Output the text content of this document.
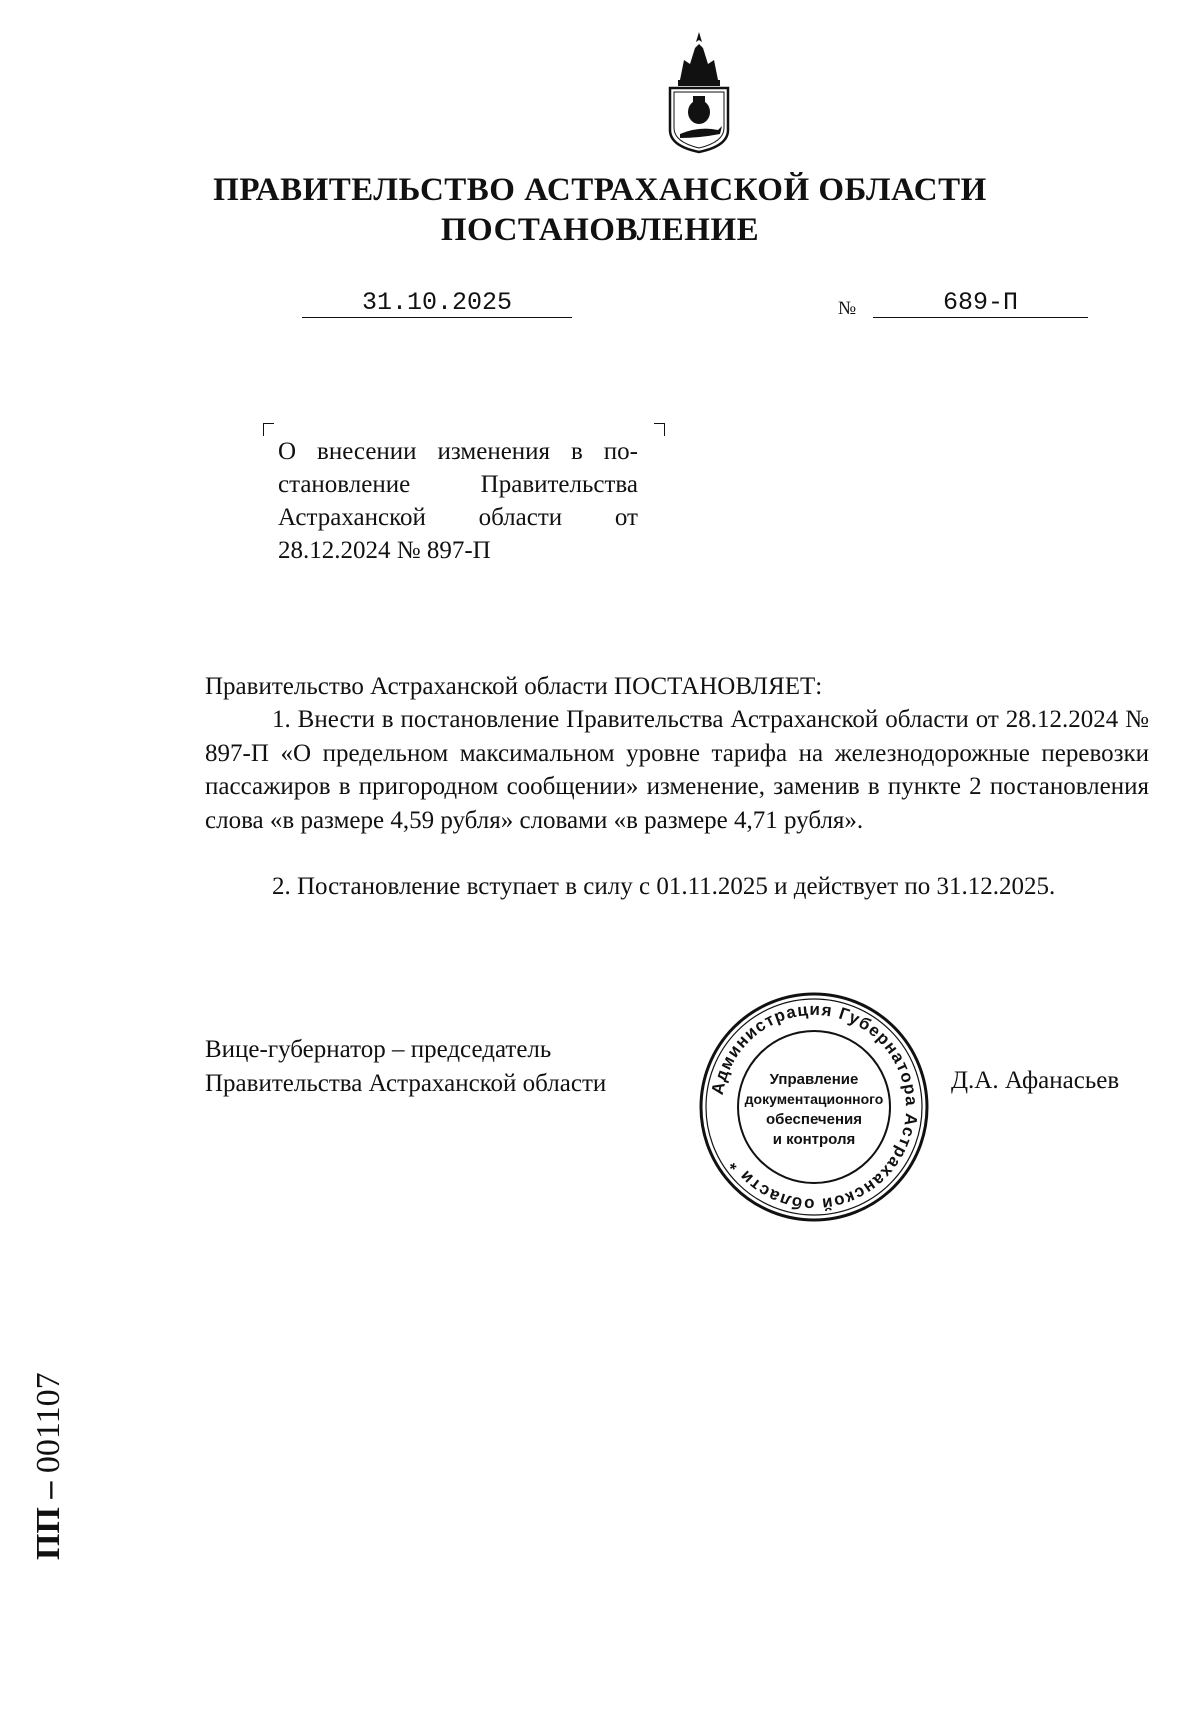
ПРАВИТЕЛЬСТВО АСТРАХАНСКОЙ ОБЛАСТИ
ПОСТАНОВЛЕНИЕ
31.10.2025	№	689-П
О внесении изменения в по-
становление Правительства
Астраханской области от
28.12.2024 № 897-П
Правительство Астраханской области ПОСТАНОВЛЯЕТ:
1. Внести в постановление Правительства Астраханской области от 28.12.2024 № 897-П «О предельном максимальном уровне тарифа на железнодорожные перевозки пассажиров в пригородном сообщении» изменение, заменив в пункте 2 постановления слова «в размере 4,59 рубля» словами «в размере 4,71 рубля».
2. Постановление вступает в силу с 01.11.2025 и действует по 31.12.2025.
Вице-губернатор – председатель
Правительства Астраханской области	Администрация Губернатора Астраханской области *
Управление
документационного
обеспечения
и контроля
Д.А. Афанасьев
ПП – 001107
